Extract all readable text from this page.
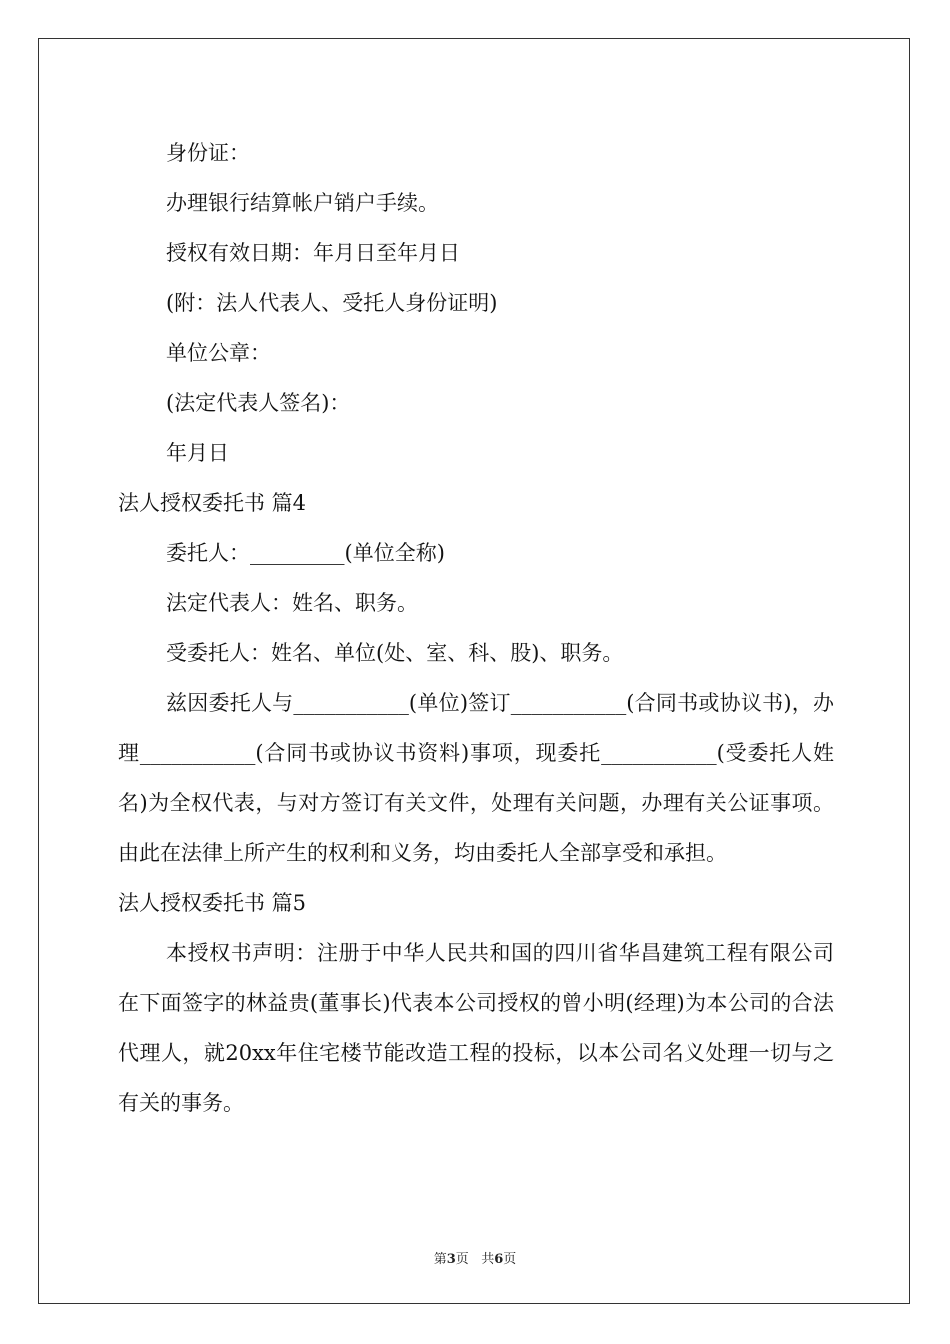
身份证：
办理银行结算帐户销户手续。
授权有效日期：年月日至年月日
(附：法人代表人、受托人身份证明)
单位公章：
(法定代表人签名)：
年月日
法人授权委托书 篇4
委托人：_________(单位全称)
法定代表人：姓名、职务。
受委托人：姓名、单位(处、室、科、股)、职务。
兹因委托人与___________(单位)签订___________(合同书或协议书)，办理___________(合同书或协议书资料)事项，现委托___________(受委托人姓名)为全权代表，与对方签订有关文件，处理有关问题，办理有关公证事项。由此在法律上所产生的权利和义务，均由委托人全部享受和承担。
法人授权委托书 篇5
本授权书声明：注册于中华人民共和国的四川省华昌建筑工程有限公司在下面签字的林益贵(董事长)代表本公司授权的曾小明(经理)为本公司的合法代理人，就20xx年住宅楼节能改造工程的投标，以本公司名义处理一切与之有关的事务。
第3页 共6页
